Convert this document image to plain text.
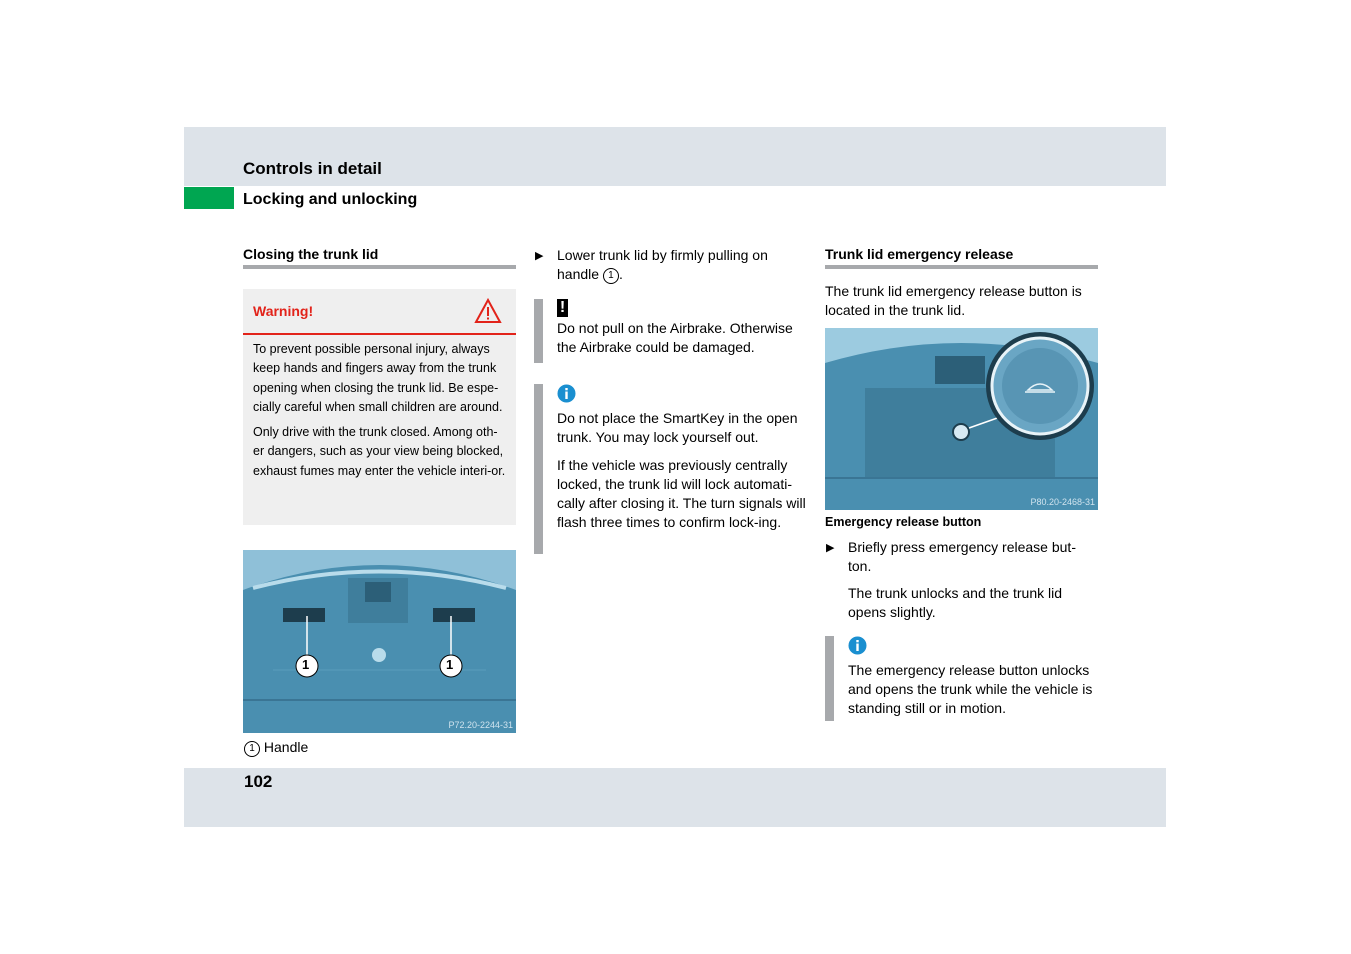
Controls in detail
Locking and unlocking
Closing the trunk lid
Warning!

To prevent possible personal injury, always keep hands and fingers away from the trunk opening when closing the trunk lid. Be espe-cially careful when small children are around.

Only drive with the trunk closed. Among oth-er dangers, such as your view being blocked, exhaust fumes may enter the vehicle interi-or.

1	1
P72.20-2244-31
1 Handle
▶ Lower trunk lid by firmly pulling on handle 1 .
!

Do not pull on the Airbrake. Otherwise the Airbrake could be damaged.

Do not place the SmartKey in the open trunk. You may lock yourself out.

If the vehicle was previously centrally locked, the trunk lid will lock automati-cally after closing it. The turn signals will flash three times to confirm lock-ing.

Trunk lid emergency release

The trunk lid emergency release button is located in the trunk lid.

P80.20-2468-31
Emergency release button
▶ Briefly press emergency release but-ton.

The trunk unlocks and the trunk lid opens slightly.

The emergency release button unlocks and opens the trunk while the vehicle is standing still or in motion.

102
